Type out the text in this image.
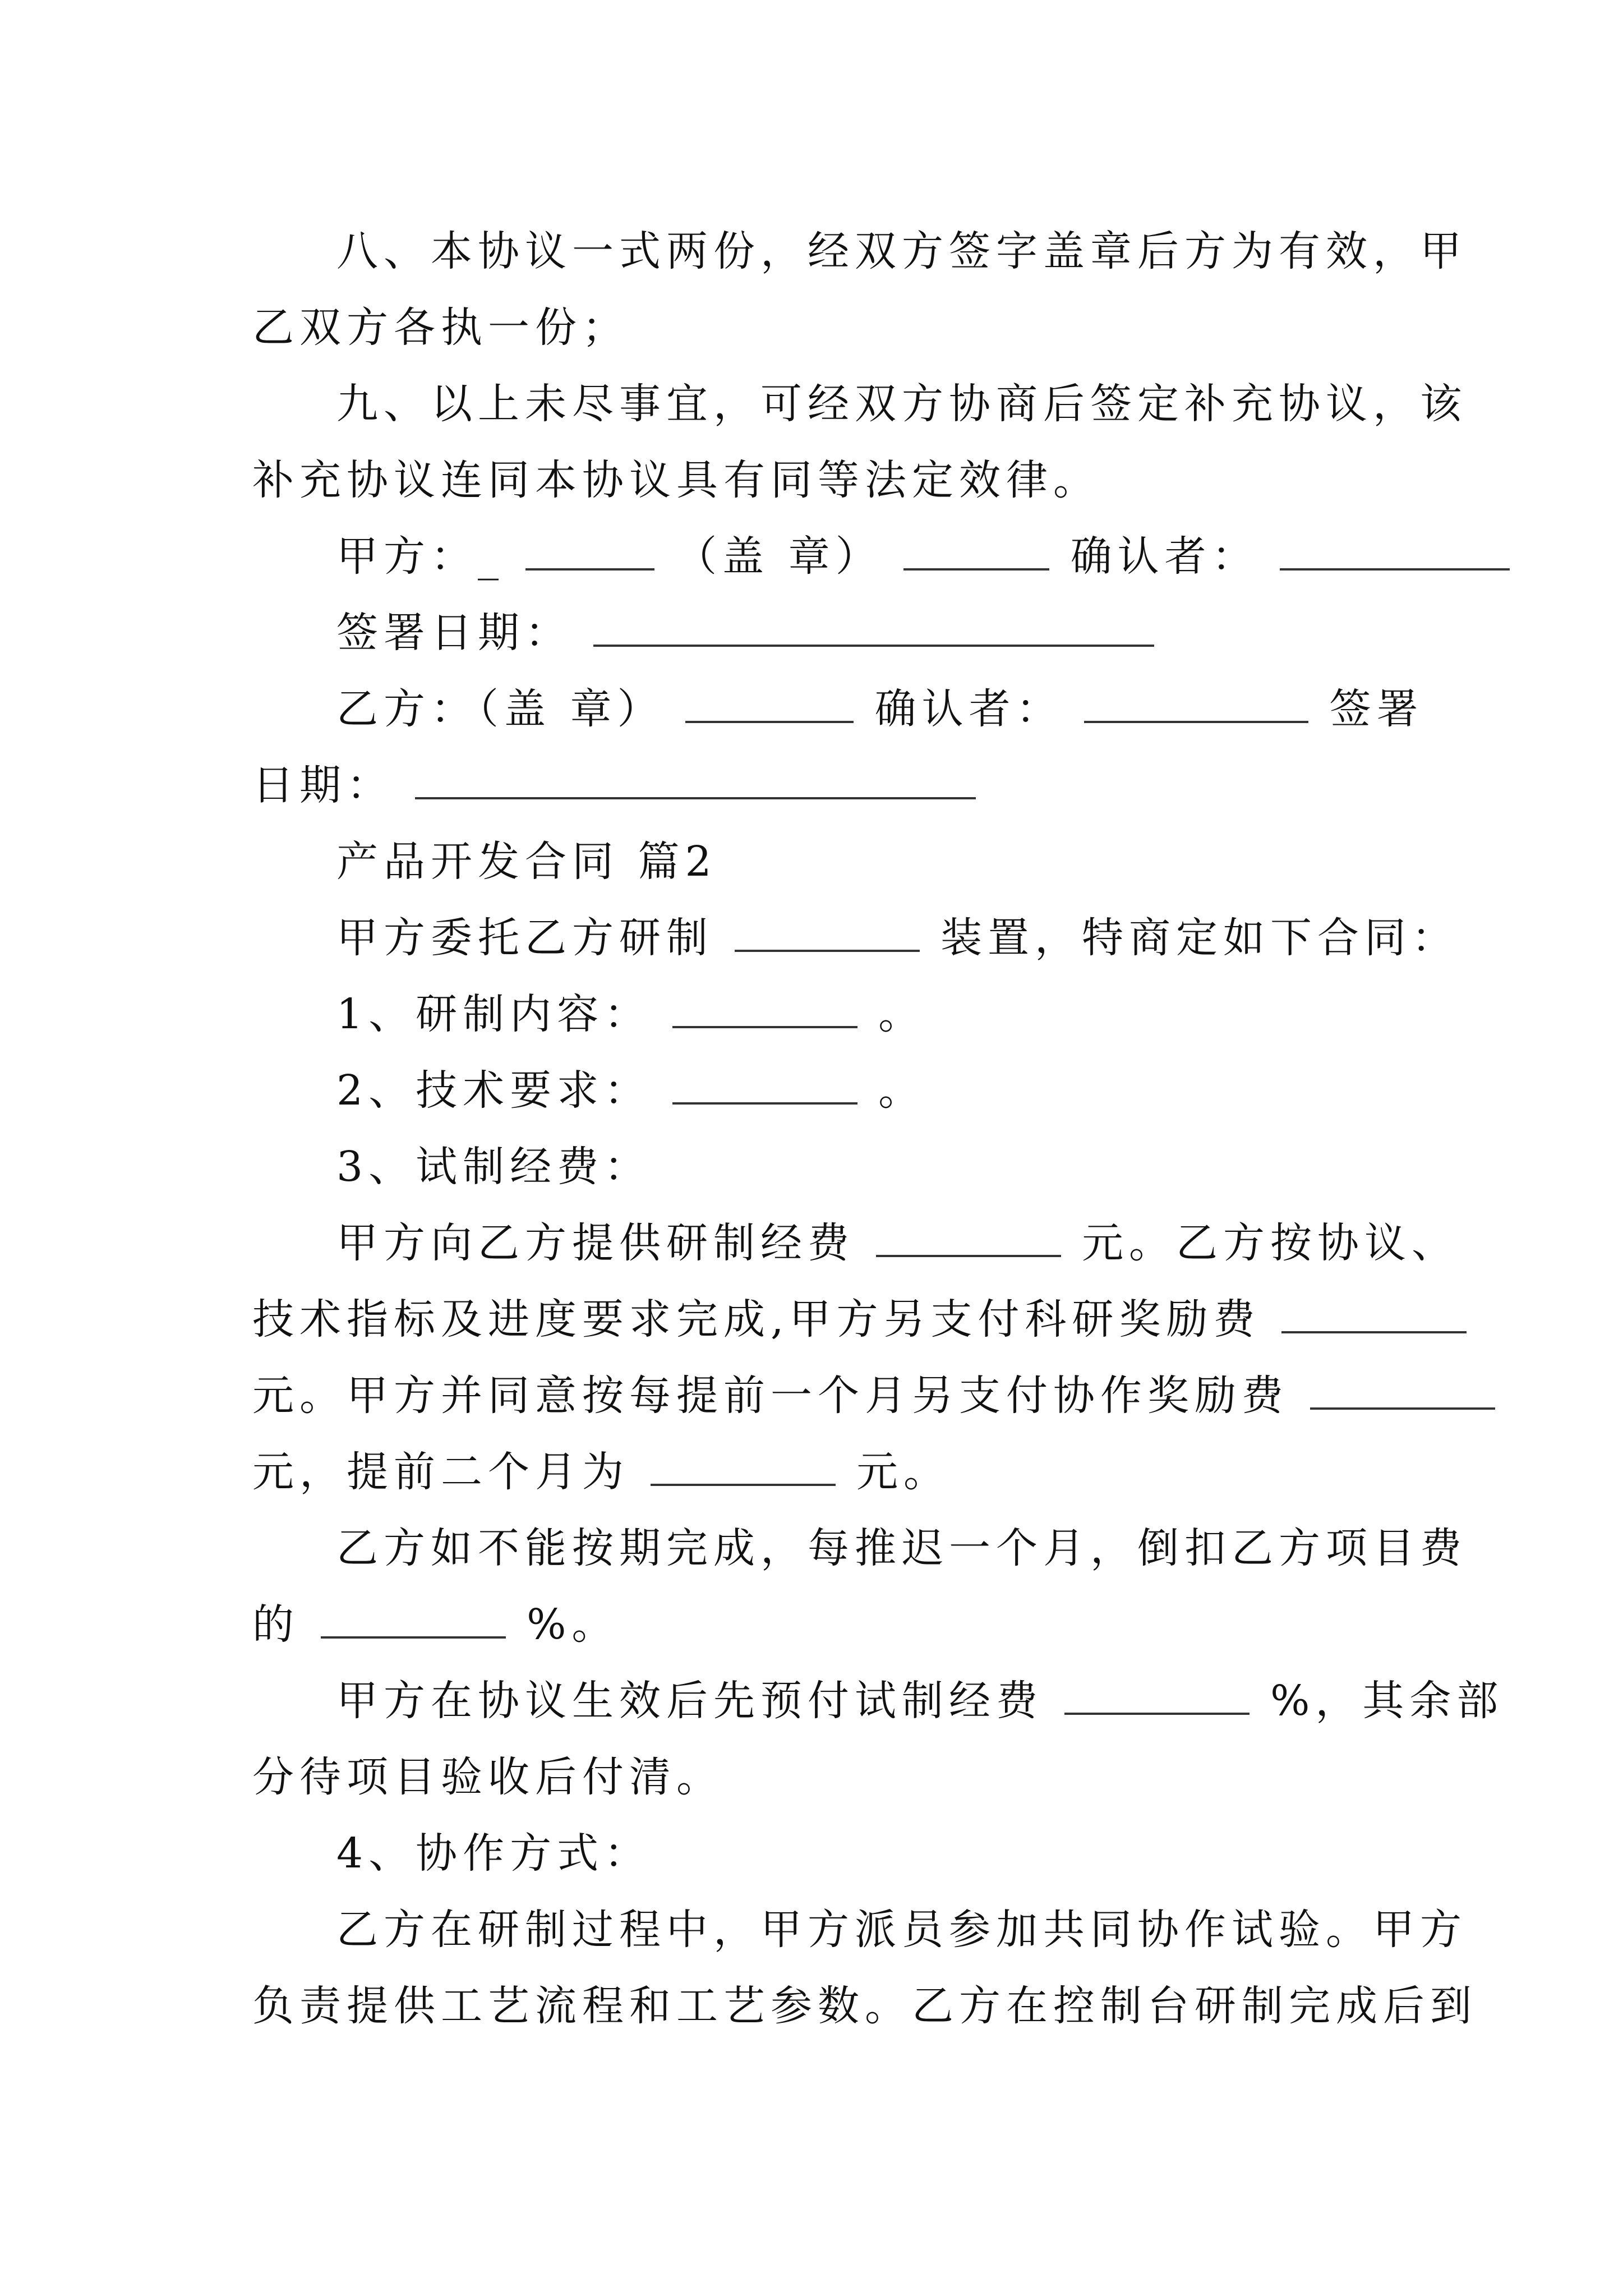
八、本协议一式两份，经双方签字盖章后方为有效，甲
乙双方各执一份；
九、以上未尽事宜，可经双方协商后签定补充协议，该
补充协议连同本协议具有同等法定效律。
甲方：_	（盖 章）	确认者：
签署日期：
乙方：（盖 章）	确认者：	签署
日期：
产品开发合同 篇2
甲方委托乙方研制	装置，特商定如下合同：
1、研制内容：	。
2、技术要求：	。
3、试制经费：
甲方向乙方提供研制经费	元。乙方按协议、
技术指标及进度要求完成,甲方另支付科研奖励费
元。甲方并同意按每提前一个月另支付协作奖励费
元，提前二个月为	元。
乙方如不能按期完成，每推迟一个月，倒扣乙方项目费
的	%。
甲方在协议生效后先预付试制经费	%，其余部
分待项目验收后付清。
4、协作方式：
乙方在研制过程中，甲方派员参加共同协作试验。甲方
负责提供工艺流程和工艺参数。乙方在控制台研制完成后到
